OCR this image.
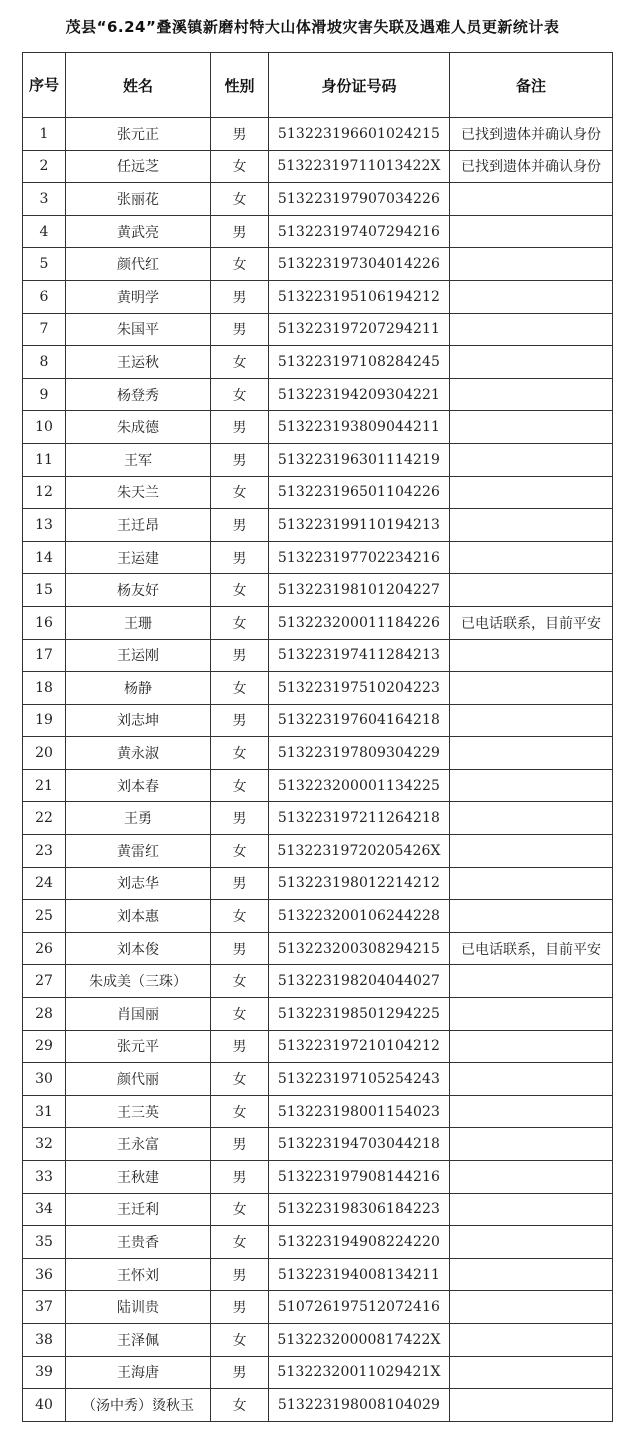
茂县“6.24”叠溪镇新磨村特大山体滑坡灾害失联及遇难人员更新统计表
序号	姓名	性别	身份证号码	备注
1	张元正	男	513223196601024215	已找到遗体并确认身份
2	任远芝	女	51322319711013422X	已找到遗体并确认身份
3	张丽花	女	513223197907034226	
4	黄武亮	男	513223197407294216	
5	颜代红	女	513223197304014226	
6	黄明学	男	513223195106194212	
7	朱国平	男	513223197207294211	
8	王运秋	女	513223197108284245	
9	杨登秀	女	513223194209304221	
10	朱成德	男	513223193809044211	
11	王军	男	513223196301114219	
12	朱天兰	女	513223196501104226	
13	王迁昂	男	513223199110194213	
14	王运建	男	513223197702234216	
15	杨友好	女	513223198101204227	
16	王珊	女	513223200011184226	已电话联系，目前平安
17	王运刚	男	513223197411284213	
18	杨静	女	513223197510204223	
19	刘志坤	男	513223197604164218	
20	黄永淑	女	513223197809304229	
21	刘本春	女	513223200001134225	
22	王勇	男	513223197211264218	
23	黄雷红	女	51322319720205426X	
24	刘志华	男	513223198012214212	
25	刘本惠	女	513223200106244228	
26	刘本俊	男	513223200308294215	已电话联系，目前平安
27	朱成美（三珠）	女	513223198204044027	
28	肖国丽	女	513223198501294225	
29	张元平	男	513223197210104212	
30	颜代丽	女	513223197105254243	
31	王三英	女	513223198001154023	
32	王永富	男	513223194703044218	
33	王秋建	男	513223197908144216	
34	王迁利	女	513223198306184223	
35	王贵香	女	513223194908224220	
36	王怀刘	男	513223194008134211	
37	陆训贵	男	510726197512072416	
38	王泽佩	女	51322320000817422X	
39	王海唐	男	51322320011029421X	
40	（汤中秀）烫秋玉	女	513223198008104029	
